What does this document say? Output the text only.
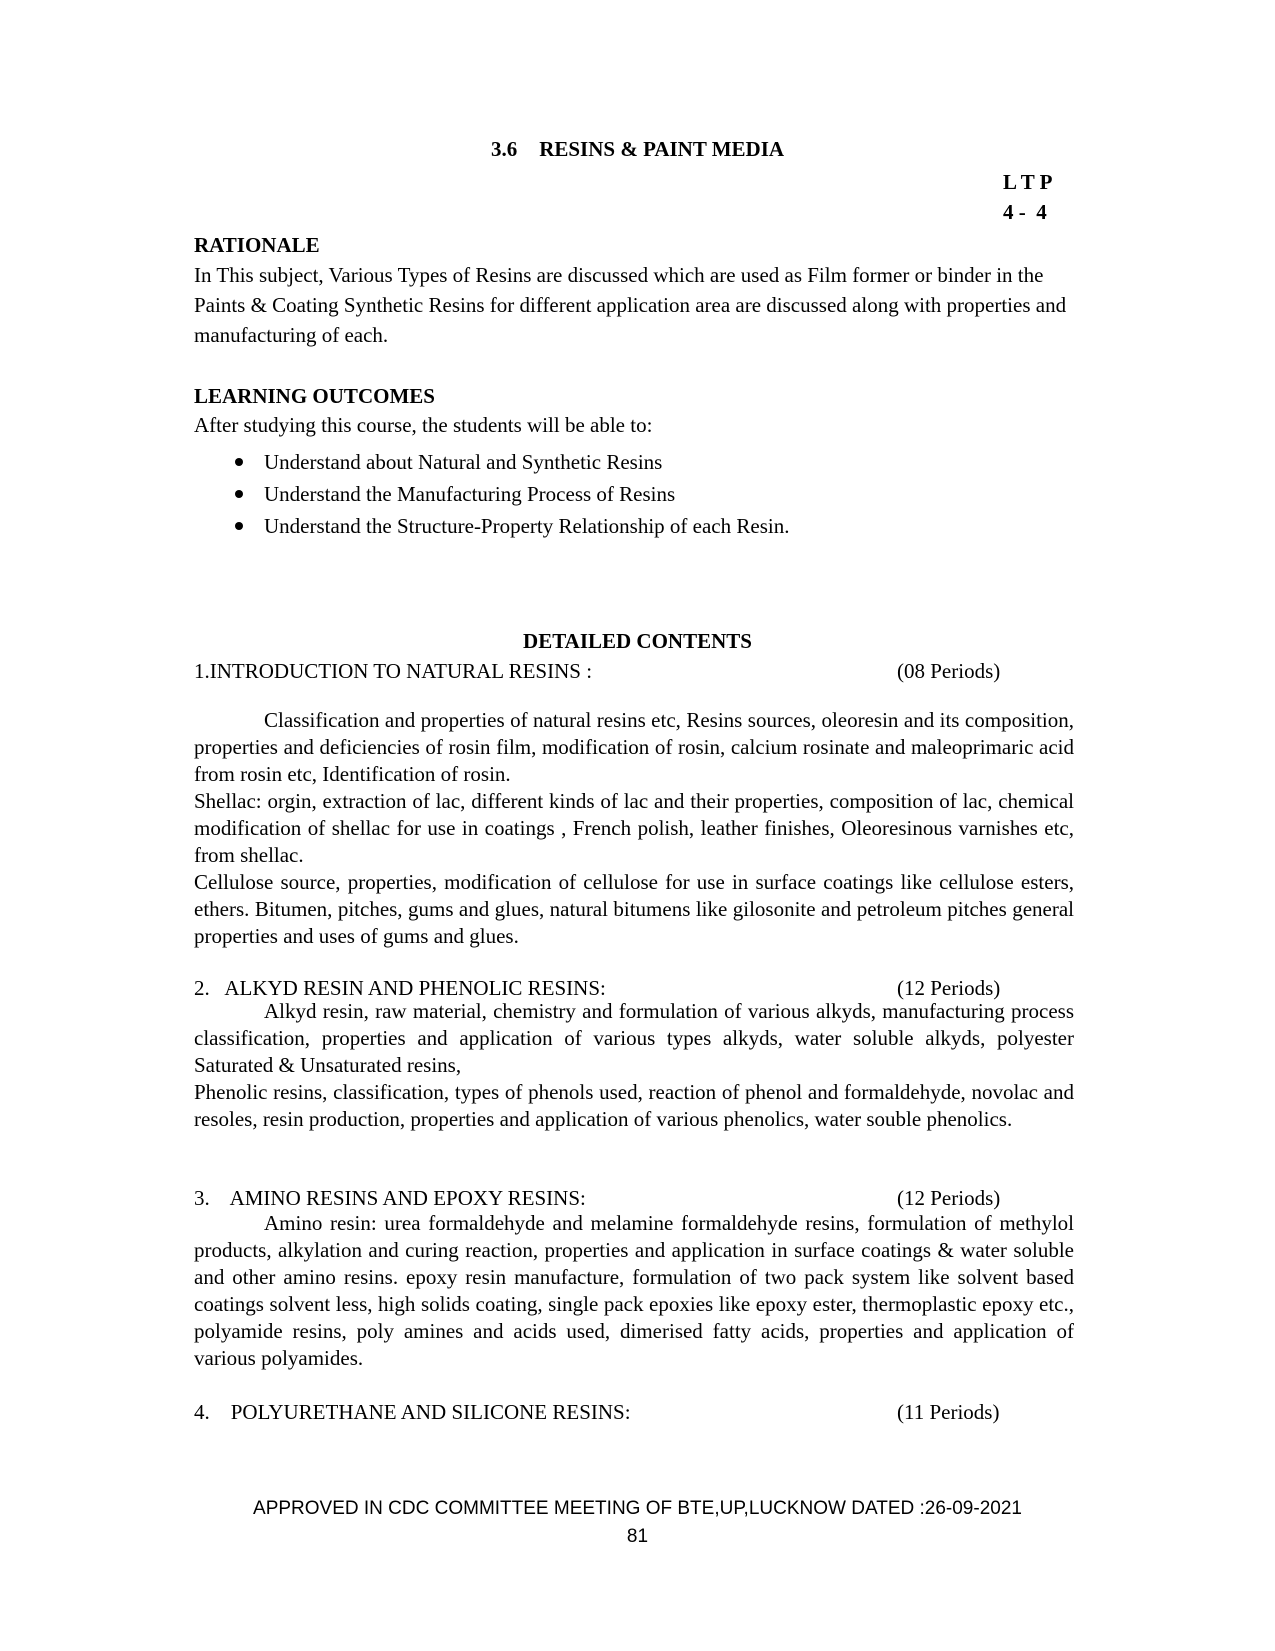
3.6 RESINS & PAINT MEDIA
L T P
4 -  4
RATIONALE
In This subject, Various Types of Resins are discussed which are used as Film former or binder in the Paints & Coating Synthetic Resins for different application area are discussed along with properties and manufacturing of each.
LEARNING OUTCOMES
After studying this course, the students will be able to:
Understand about Natural and Synthetic Resins
Understand the Manufacturing Process of Resins
Understand the Structure-Property Relationship of each Resin.
DETAILED CONTENTS
1.INTRODUCTION TO NATURAL RESINS :	(08 Periods)

Classification and properties of natural resins etc, Resins sources, oleoresin and its composition, properties and deficiencies of rosin film, modification of rosin, calcium rosinate and maleoprimaric acid from rosin etc, Identification of rosin.

Shellac: orgin, extraction of lac, different kinds of lac and their properties, composition of lac, chemical modification of shellac for use in coatings , French polish, leather finishes, Oleoresinous varnishes etc, from shellac.

Cellulose source, properties, modification of cellulose for use in surface coatings like cellulose esters, ethers. Bitumen, pitches, gums and glues, natural bitumens like gilosonite and petroleum pitches general properties and uses of gums and glues.

2.   ALKYD RESIN AND PHENOLIC RESINS:	(12 Periods)

Alkyd resin, raw material, chemistry and formulation of various alkyds, manufacturing process classification, properties and application of various types alkyds, water soluble alkyds, polyester Saturated & Unsaturated resins,

Phenolic resins, classification, types of phenols used, reaction of phenol and formaldehyde, novolac and resoles, resin production, properties and application of various phenolics, water souble phenolics.

3.    AMINO RESINS AND EPOXY RESINS:	(12 Periods)

Amino resin: urea formaldehyde and melamine formaldehyde resins, formulation of methylol products, alkylation and curing reaction, properties and application in surface coatings & water soluble and other amino resins. epoxy resin manufacture, formulation of two pack system like solvent based coatings solvent less, high solids coating, single pack epoxies like epoxy ester, thermoplastic epoxy etc., polyamide resins, poly amines and acids used, dimerised fatty acids, properties and application of various polyamides.

4.    POLYURETHANE AND SILICONE RESINS:	(11 Periods)
APPROVED IN CDC COMMITTEE MEETING OF BTE,UP,LUCKNOW DATED :26-09-2021
81
